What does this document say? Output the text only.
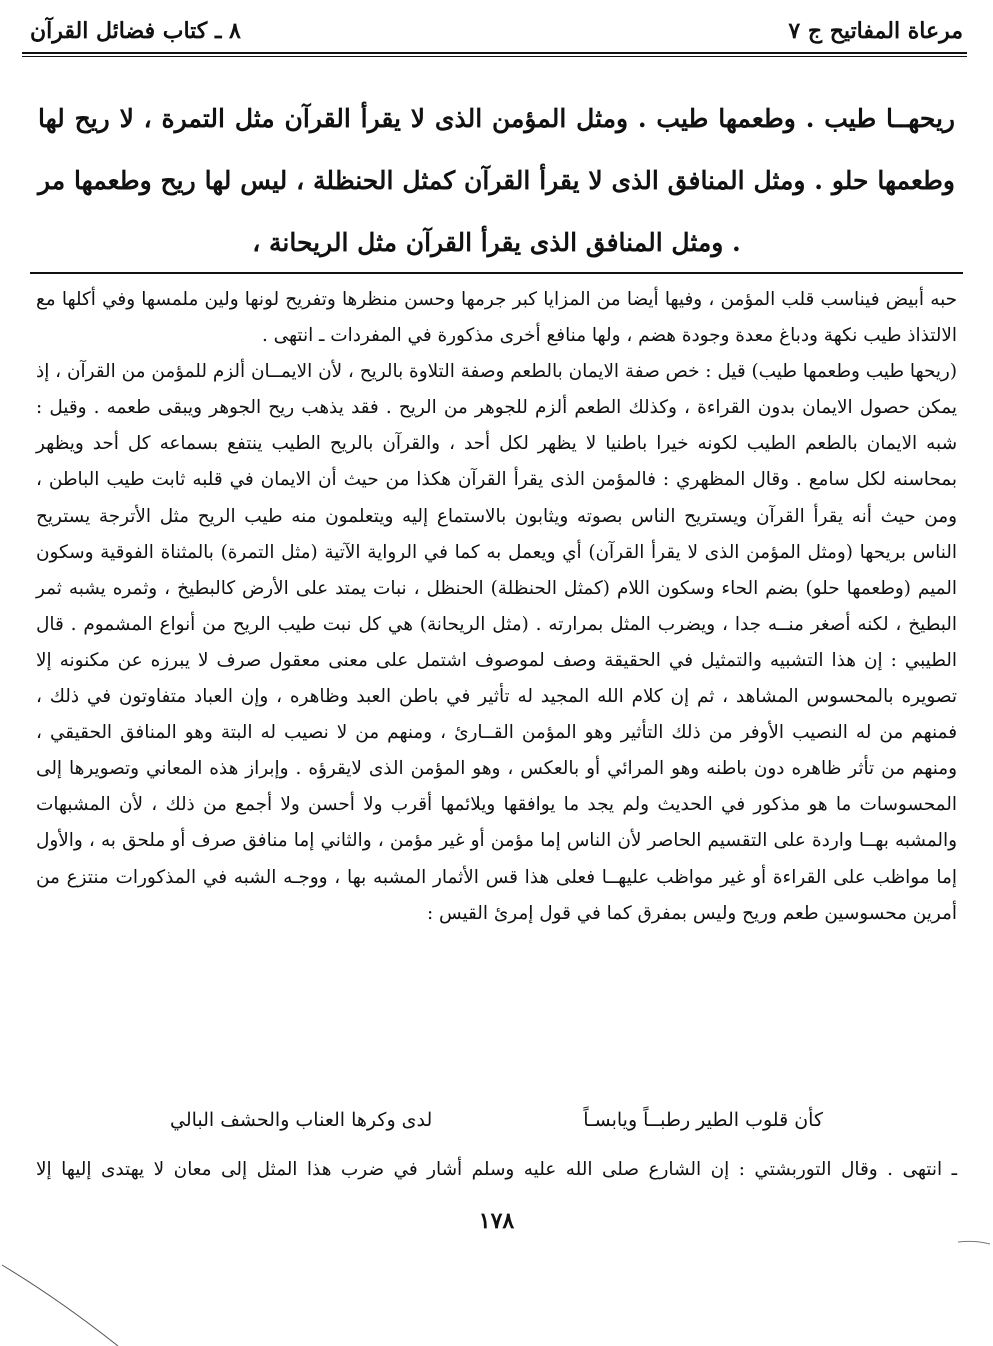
مرعاة المفاتيح ج ٧
٨ ـ كتاب فضائل القرآن

ريحهــا طيب . وطعمها طيب . ومثل المؤمن الذى لا يقرأ القرآن مثل التمرة ، لا ريح لها وطعمها حلو . ومثل المنافق الذى لا يقرأ القرآن كمثل الحنظلة ، ليس لها ريح وطعمها مر . ومثل المنافق الذى يقرأ القرآن مثل الريحانة ،

حبه أبيض فيناسب قلب المؤمن ، وفيها أيضا من المزايا كبر جرمها وحسن منظرها وتفريح لونها ولين ملمسها وفي أكلها مع الالتذاذ طيب نكهة ودباغ معدة وجودة هضم ، ولها منافع أخرى مذكورة في المفردات ـ انتهى .

(ريحها طيب وطعمها طيب) قيل : خص صفة الايمان بالطعم وصفة التلاوة بالريح ، لأن الايمــان ألزم للمؤمن من القرآن ، إذ يمكن حصول الايمان بدون القراءة ، وكذلك الطعم ألزم للجوهر من الريح . فقد يذهب ريح الجوهر ويبقى طعمه . وقيل : شبه الايمان بالطعم الطيب لكونه خيرا باطنيا لا يظهر لكل أحد ، والقرآن بالريح الطيب ينتفع بسماعه كل أحد ويظهر بمحاسنه لكل سامع . وقال المظهري : فالمؤمن الذى يقرأ القرآن هكذا من حيث أن الايمان في قلبه ثابت طيب الباطن ، ومن حيث أنه يقرأ القرآن ويستريح الناس بصوته ويثابون بالاستماع إليه ويتعلمون منه طيب الريح مثل الأترجة يستريح الناس بريحها (ومثل المؤمن الذى لا يقرأ القرآن) أي ويعمل به كما في الرواية الآتية (مثل التمرة) بالمثناة الفوقية وسكون الميم (وطعمها حلو) بضم الحاء وسكون اللام (كمثل الحنظلة) الحنظل ، نبات يمتد على الأرض كالبطيخ ، وثمره يشبه ثمر البطيخ ، لكنه أصغر منــه جدا ، ويضرب المثل بمرارته . (مثل الريحانة) هي كل نبت طيب الريح من أنواع المشموم . قال الطيبي : إن هذا التشبيه والتمثيل في الحقيقة وصف لموصوف اشتمل على معنى معقول صرف لا يبرزه عن مكنونه إلا تصويره بالمحسوس المشاهد ، ثم إن كلام الله المجيد له تأثير في باطن العبد وظاهره ، وإن العباد متفاوتون في ذلك ، فمنهم من له النصيب الأوفر من ذلك التأثير وهو المؤمن القــارئ ، ومنهم من لا نصيب له البتة وهو المنافق الحقيقي ، ومنهم من تأثر ظاهره دون باطنه وهو المرائي أو بالعكس ، وهو المؤمن الذى لايقرؤه . وإبراز هذه المعاني وتصويرها إلى المحسوسات ما هو مذكور في الحديث ولم يجد ما يوافقها ويلائمها أقرب ولا أحسن ولا أجمع من ذلك ، لأن المشبهات والمشبه بهــا واردة على التقسيم الحاصر لأن الناس إما مؤمن أو غير مؤمن ، والثاني إما منافق صرف أو ملحق به ، والأول إما مواظب على القراءة أو غير مواظب عليهــا فعلى هذا قس الأثمار المشبه بها ، ووجـه الشبه في المذكورات منتزع من أمرين محسوسين طعم وريح وليس بمفرق كما في قول إمرئ القيس :

كأن قلوب الطير رطبــاً ويابسـاً
لدى وكرها العناب والحشف البالي
ـ انتهى . وقال التوربشتي : إن الشارع صلى الله عليه وسلم أشار في ضرب هذا المثل إلى معان لا يهتدى إليها إلا
١٧٨
